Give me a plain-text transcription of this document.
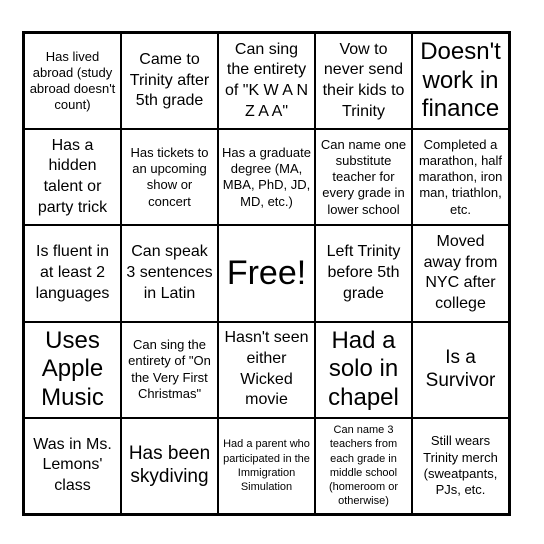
Has lived abroad (study abroad doesn't count)
Came to Trinity after 5th grade
Can sing the entirety of "K W A N Z A A"
Vow to never send their kids to Trinity
Doesn't work in finance
Has a hidden talent or party trick
Has tickets to an upcoming show or concert
Has a graduate degree (MA, MBA, PhD, JD, MD, etc.)
Can name one substitute teacher for every grade in lower school
Completed a marathon, half marathon, iron man, triathlon, etc.
Is fluent in at least 2 languages
Can speak 3 sentences in Latin
Free!
Left Trinity before 5th grade
Moved away from NYC after college
Uses Apple Music
Can sing the entirety of "On the Very First Christmas"
Hasn't seen either Wicked movie
Had a solo in chapel
Is a Survivor
Was in Ms. Lemons' class
Has been skydiving
Had a parent who participated in the Immigration Simulation
Can name 3 teachers from each grade in middle school (homeroom or otherwise)
Still wears Trinity merch (sweatpants, PJs, etc.
